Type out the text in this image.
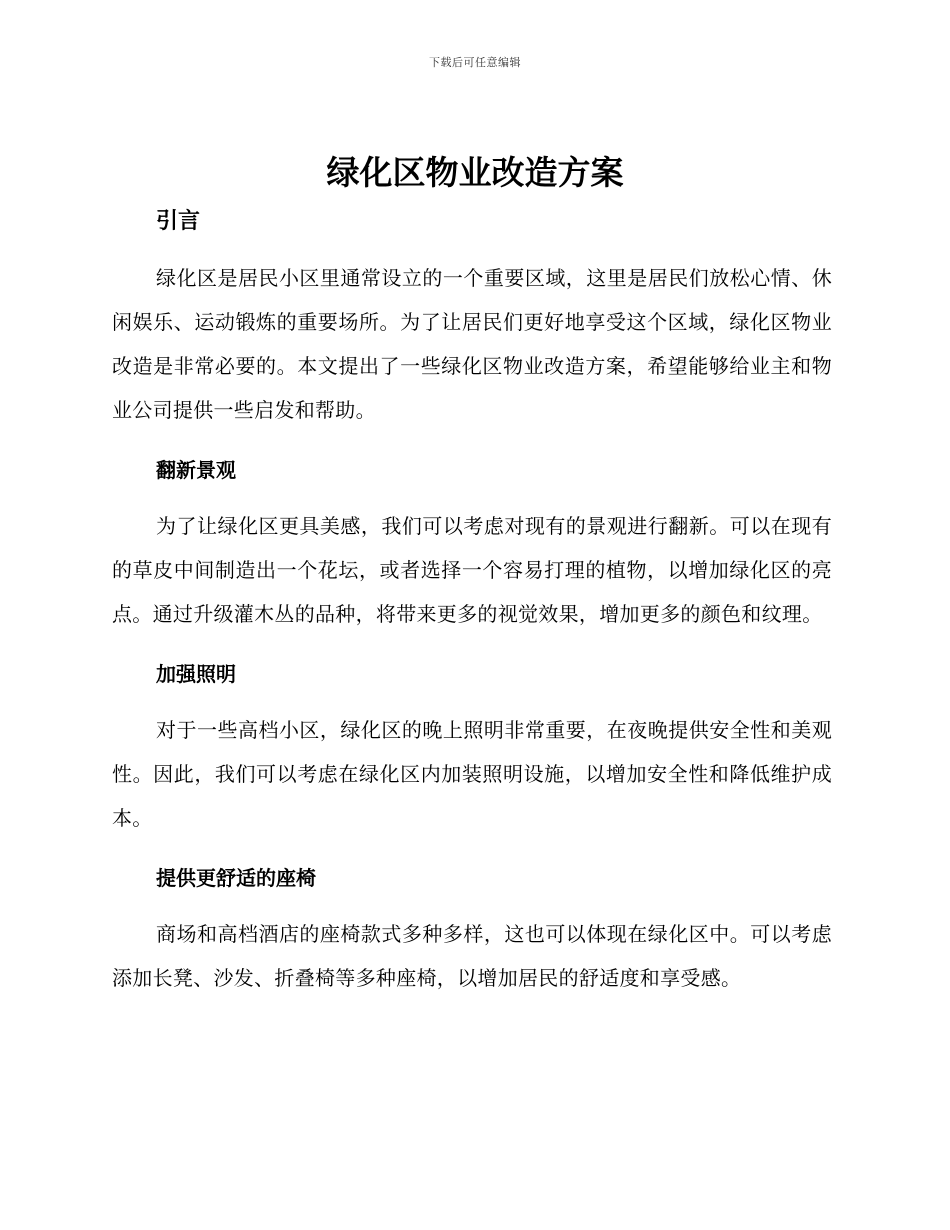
下载后可任意编辑
绿化区物业改造方案
引言

绿化区是居民小区里通常设立的一个重要区域，这里是居民们放松心情、休闲娱乐、运动锻炼的重要场所。为了让居民们更好地享受这个区域，绿化区物业改造是非常必要的。本文提出了一些绿化区物业改造方案，希望能够给业主和物业公司提供一些启发和帮助。

翻新景观

为了让绿化区更具美感，我们可以考虑对现有的景观进行翻新。可以在现有的草皮中间制造出一个花坛，或者选择一个容易打理的植物，以增加绿化区的亮点。通过升级灌木丛的品种，将带来更多的视觉效果，增加更多的颜色和纹理。

加强照明

对于一些高档小区，绿化区的晚上照明非常重要，在夜晚提供安全性和美观性。因此，我们可以考虑在绿化区内加装照明设施，以增加安全性和降低维护成本。

提供更舒适的座椅

商场和高档酒店的座椅款式多种多样，这也可以体现在绿化区中。可以考虑添加长凳、沙发、折叠椅等多种座椅，以增加居民的舒适度和享受感。
